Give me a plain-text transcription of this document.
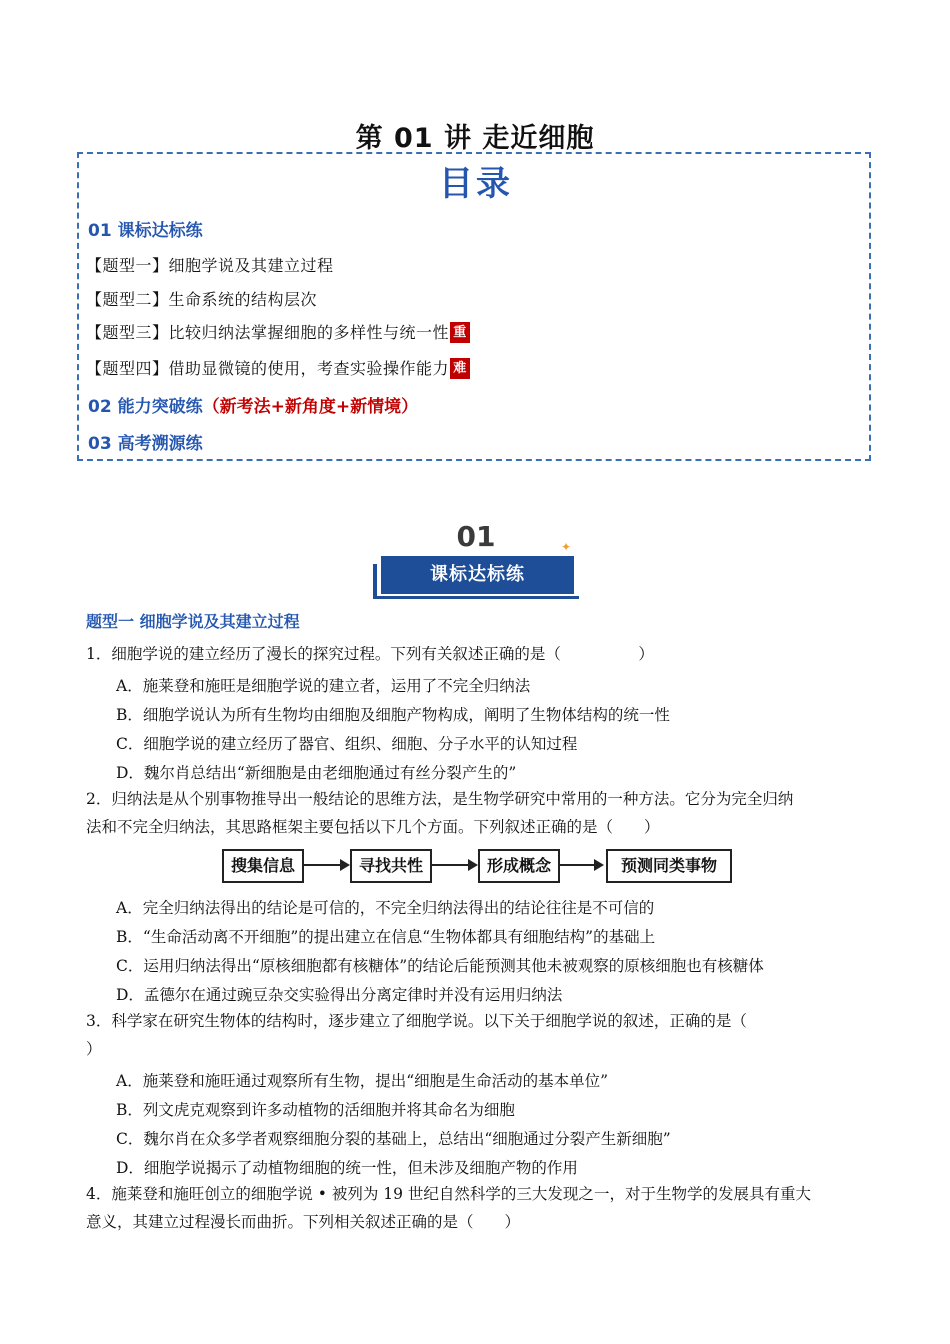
第 01 讲 走近细胞
目录
01 课标达标练
【题型一】细胞学说及其建立过程
【题型二】生命系统的结构层次
【题型三】比较归纳法掌握细胞的多样性与统一性 重
【题型四】借助显微镜的使用，考查实验操作能力 难
02 能力突破练（新考法+新角度+新情境）
03 高考溯源练
01
课标达标练
✦
题型一 细胞学说及其建立过程
1．细胞学说的建立经历了漫长的探究过程。下列有关叙述正确的是（　　　　　）
A．施莱登和施旺是细胞学说的建立者，运用了不完全归纳法
B．细胞学说认为所有生物均由细胞及细胞产物构成，阐明了生物体结构的统一性
C．细胞学说的建立经历了器官、组织、细胞、分子水平的认知过程
D．魏尔肖总结出“新细胞是由老细胞通过有丝分裂产生的”
2．归纳法是从个别事物推导出一般结论的思维方法，是生物学研究中常用的一种方法。它分为完全归纳
法和不完全归纳法，其思路框架主要包括以下几个方面。下列叙述正确的是（　　）
搜集信息	寻找共性	形成概念	预测同类事物
A．完全归纳法得出的结论是可信的，不完全归纳法得出的结论往往是不可信的
B．“生命活动离不开细胞”的提出建立在信息“生物体都具有细胞结构”的基础上
C．运用归纳法得出“原核细胞都有核糖体”的结论后能预测其他未被观察的原核细胞也有核糖体
D．孟德尔在通过豌豆杂交实验得出分离定律时并没有运用归纳法
3．科学家在研究生物体的结构时，逐步建立了细胞学说。以下关于细胞学说的叙述，正确的是（
）
A．施莱登和施旺通过观察所有生物，提出“细胞是生命活动的基本单位”
B．列文虎克观察到许多动植物的活细胞并将其命名为细胞
C．魏尔肖在众多学者观察细胞分裂的基础上，总结出“细胞通过分裂产生新细胞”
D．细胞学说揭示了动植物细胞的统一性，但未涉及细胞产物的作用
4．施莱登和施旺创立的细胞学说 • 被列为 19 世纪自然科学的三大发现之一，对于生物学的发展具有重大
意义，其建立过程漫长而曲折。下列相关叙述正确的是（　　）
